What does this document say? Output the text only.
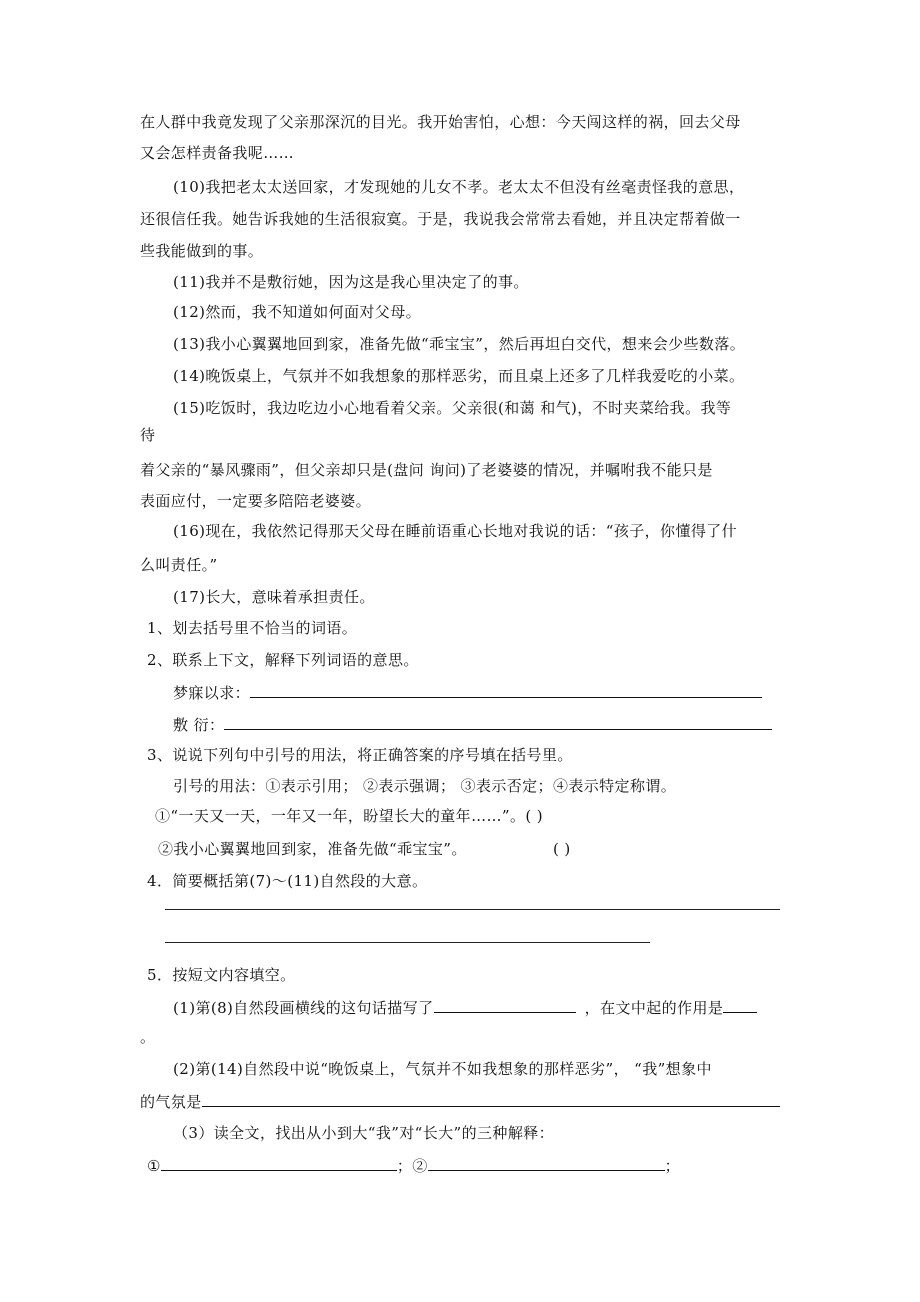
在人群中我竟发现了父亲那深沉的目光。我开始害怕，心想：今天闯这样的祸，回去父母
又会怎样责备我呢……
(10)我把老太太送回家，才发现她的儿女不孝。老太太不但没有丝毫责怪我的意思，
还很信任我。她告诉我她的生活很寂寞。于是，我说我会常常去看她，并且决定帮着做一
些我能做到的事。
(11)我并不是敷衍她，因为这是我心里决定了的事。
(12)然而，我不知道如何面对父母。
(13)我小心翼翼地回到家，准备先做“乖宝宝”，然后再坦白交代，想来会少些数落。
(14)晚饭桌上，气氛并不如我想象的那样恶劣，而且桌上还多了几样我爱吃的小菜。
(15)吃饭时，我边吃边小心地看着父亲。父亲很(和蔼 和气)，不时夹菜给我。我等
待
着父亲的“暴风骤雨”，但父亲却只是(盘问 询问)了老婆婆的情况，并嘱咐我不能只是
表面应付，一定要多陪陪老婆婆。
(16)现在，我依然记得那天父母在睡前语重心长地对我说的话：“孩子，你懂得了什
么叫责任。”
(17)长大，意味着承担责任。
1、划去括号里不恰当的词语。
2、联系上下文，解释下列词语的意思。
梦寐以求：
敷 衍：
3、说说下列句中引号的用法，将正确答案的序号填在括号里。
引号的用法：①表示引用； ②表示强调； ③表示否定；④表示特定称谓。
①“一天又一天，一年又一年，盼望长大的童年……”。( )
②我小心翼翼地回到家，准备先做“乖宝宝”。	( )
4．简要概括第(7)～(11)自然段的大意。
5．按短文内容填空。
(1)第(8)自然段画横线的这句话描写了	，在文中起的作用是
。
(2)第(14)自然段中说“晚饭桌上，气氛并不如我想象的那样恶劣”， “我”想象中
的气氛是
（3）读全文，找出从小到大“我”对“长大”的三种解释：
①	；②	；
